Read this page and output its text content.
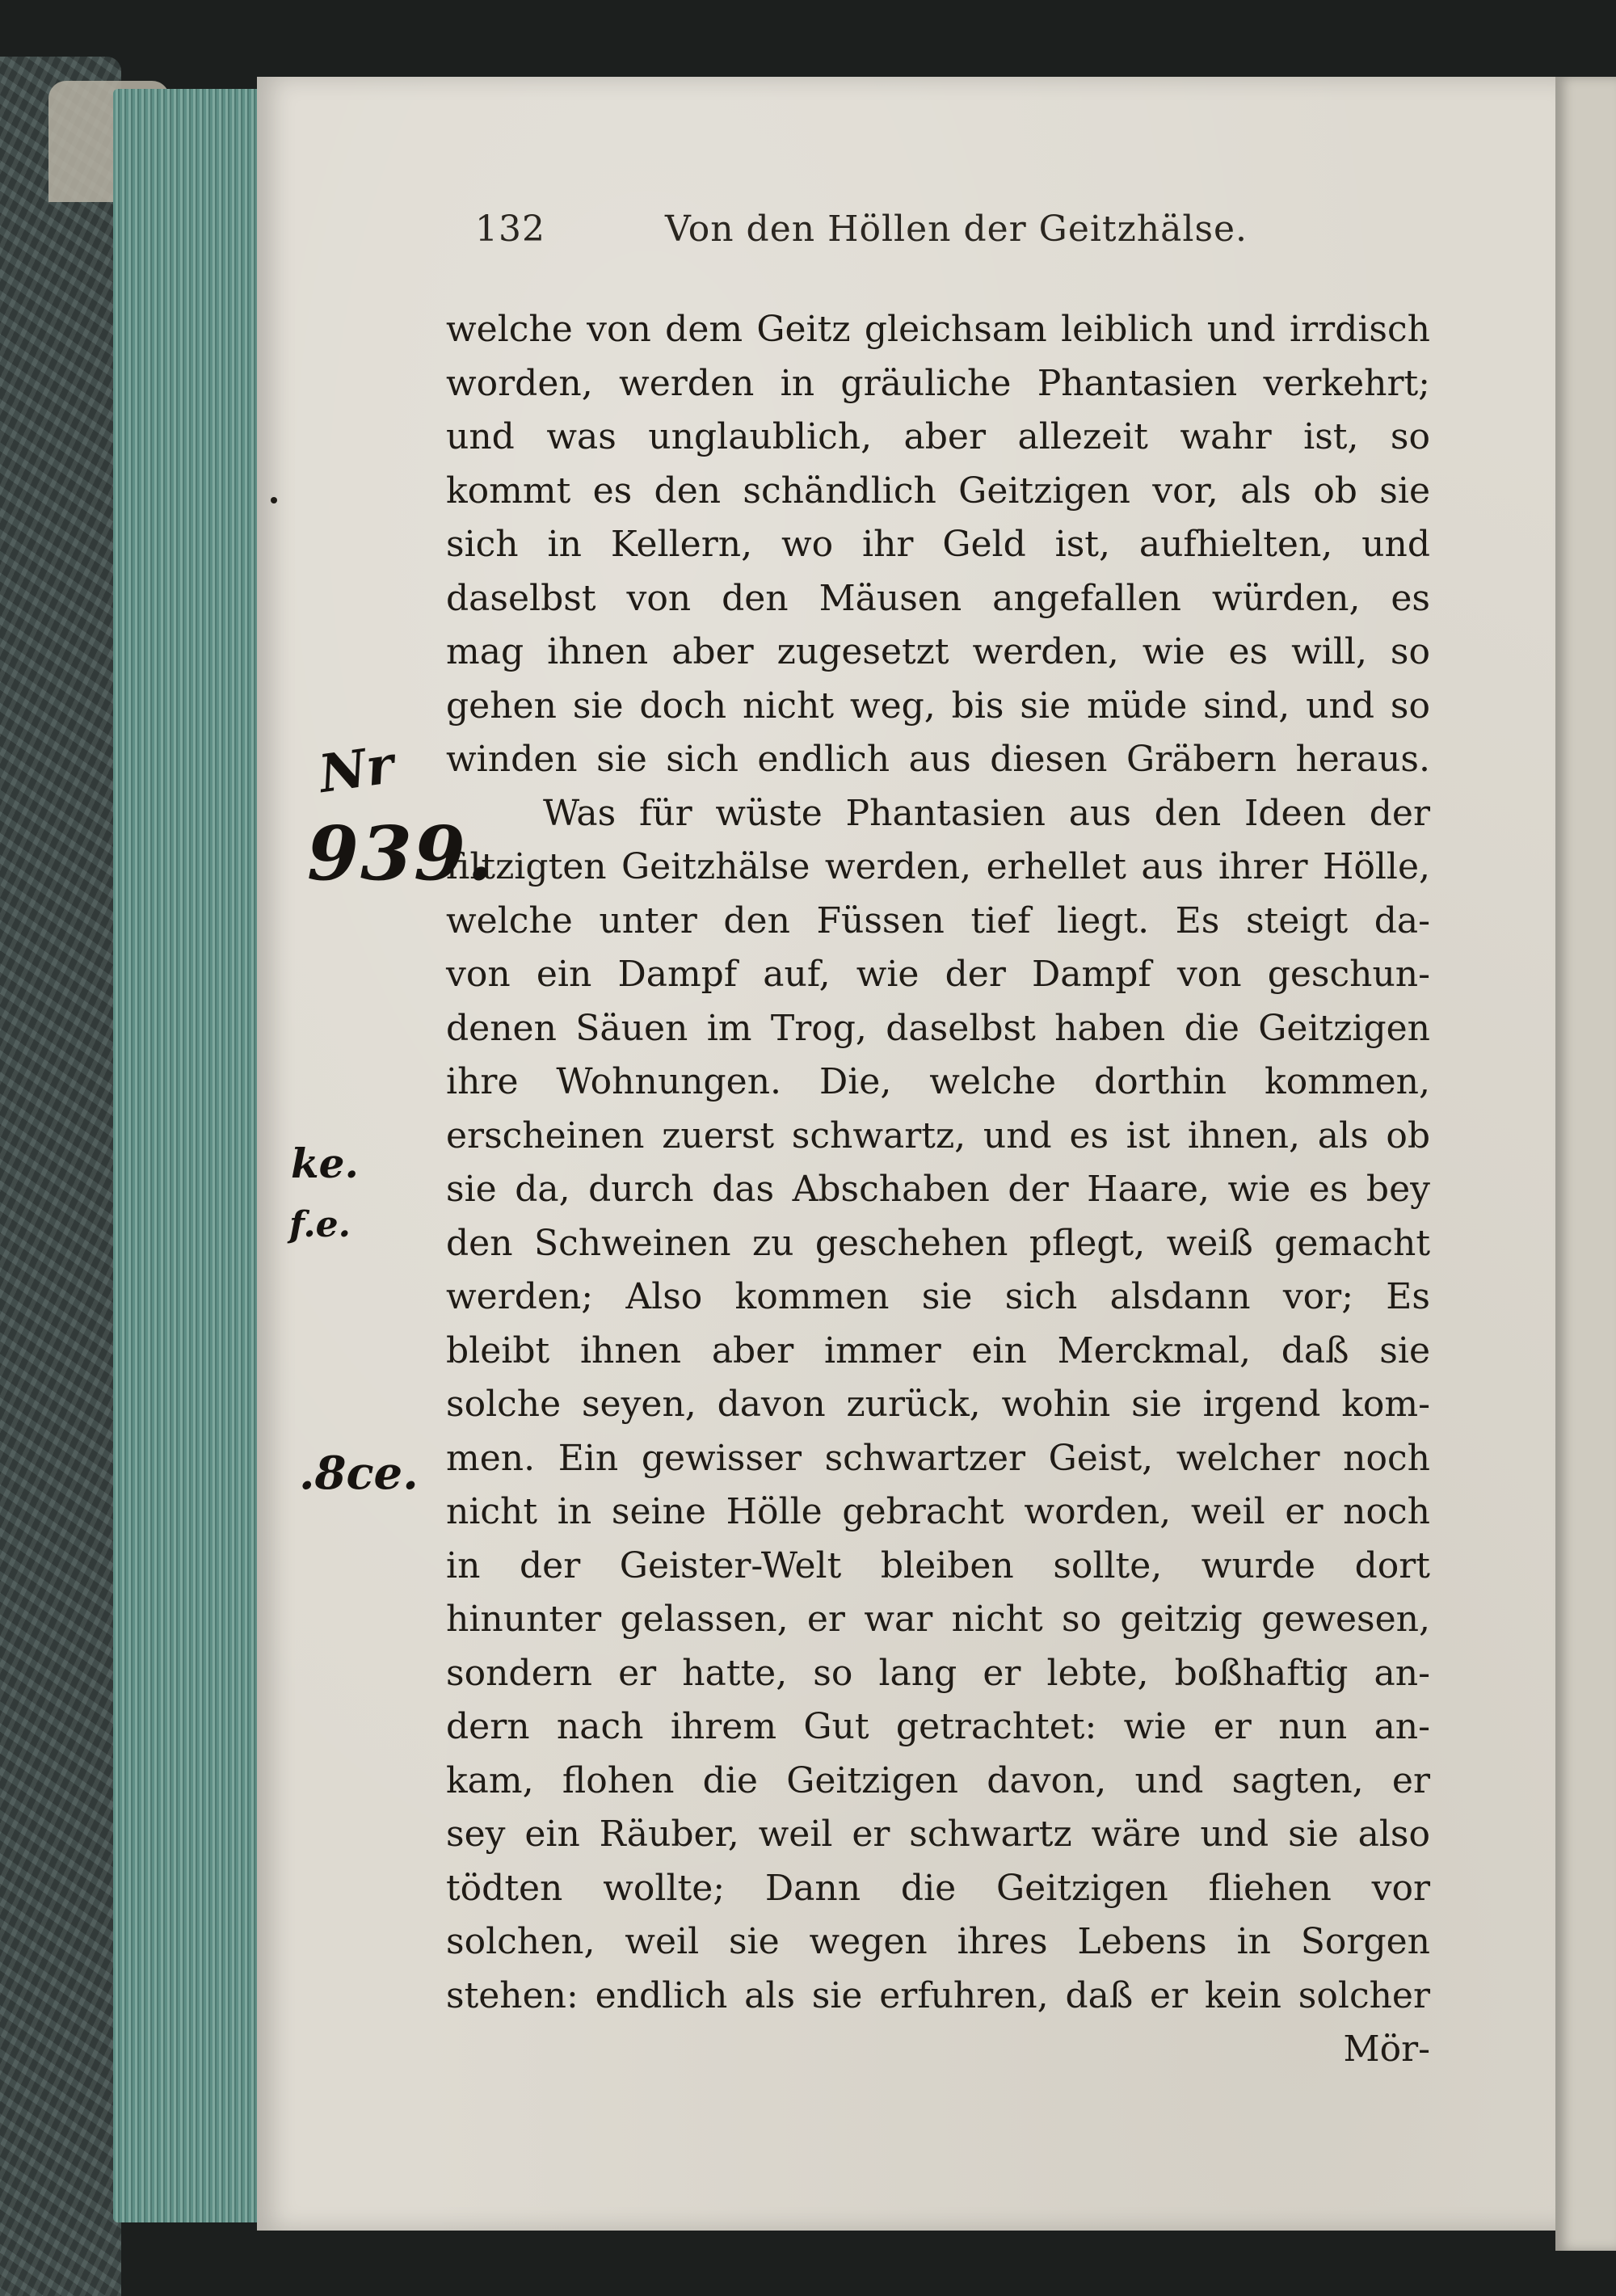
132	Von den Höllen der Geitzhälse.
welche von dem Geitz gleichsam leiblich und irrdisch
worden, werden in gräuliche Phantasien verkehrt;
und was unglaublich, aber allezeit wahr ist, so
kommt es den schändlich Geitzigen vor, als ob sie
sich in Kellern, wo ihr Geld ist, aufhielten, und
daselbst von den Mäusen angefallen würden, es
mag ihnen aber zugesetzt werden, wie es will, so
gehen sie doch nicht weg, bis sie müde sind, und so
winden sie sich endlich aus diesen Gräbern heraus.
Was für wüste Phantasien aus den Ideen der
filtzigten Geitzhälse werden, erhellet aus ihrer Hölle,
welche unter den Füssen tief liegt. Es steigt da-
von ein Dampf auf, wie der Dampf von geschun-
denen Säuen im Trog, daselbst haben die Geitzigen
ihre Wohnungen. Die, welche dorthin kommen,
erscheinen zuerst schwartz, und es ist ihnen, als ob
sie da, durch das Abschaben der Haare, wie es bey
den Schweinen zu geschehen pflegt, weiß gemacht
werden; Also kommen sie sich alsdann vor; Es
bleibt ihnen aber immer ein Merckmal, daß sie
solche seyen, davon zurück, wohin sie irgend kom-
men. Ein gewisser schwartzer Geist, welcher noch
nicht in seine Hölle gebracht worden, weil er noch
in der Geister-Welt bleiben sollte, wurde dort
hinunter gelassen, er war nicht so geitzig gewesen,
sondern er hatte, so lang er lebte, boßhaftig an-
dern nach ihrem Gut getrachtet: wie er nun an-
kam, flohen die Geitzigen davon, und sagten, er
sey ein Räuber, weil er schwartz wäre und sie also
tödten wollte; Dann die Geitzigen fliehen vor
solchen, weil sie wegen ihres Lebens in Sorgen
stehen: endlich als sie erfuhren, daß er kein solcher
Mör-
Nr
939.
ke.
f.e.
.8ce.
